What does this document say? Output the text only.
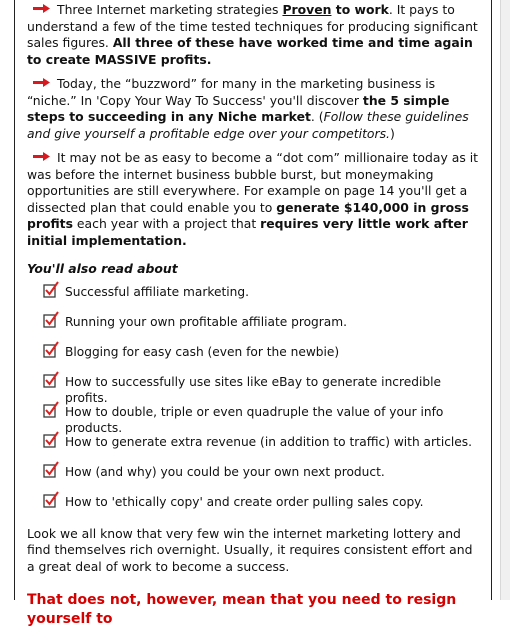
Three Internet marketing strategies Proven to work. It pays to understand a few of the time tested techniques for producing significant sales figures. All three of these have worked time and time again to create MASSIVE profits.

Today, the “buzzword” for many in the marketing business is “niche.” In 'Copy Your Way To Success' you'll discover the 5 simple steps to succeeding in any Niche market. (Follow these guidelines and give yourself a profitable edge over your competitors.)

It may not be as easy to become a “dot com” millionaire today as it was before the internet business bubble burst, but moneymaking opportunities are still everywhere. For example on page 14 you'll get a dissected plan that could enable you to generate $140,000 in gross profits each year with a project that requires very little work after initial implementation.

You'll also read about
Successful affiliate marketing.
Running your own profitable affiliate program.
Blogging for easy cash (even for the newbie)
How to successfully use sites like eBay to generate incredible profits.
How to double, triple or even quadruple the value of your info products.
How to generate extra revenue (in addition to traffic) with articles.
How (and why) you could be your own next product.
How to 'ethically copy' and create order pulling sales copy.

Look we all know that very few win the internet marketing lottery and find themselves rich overnight. Usually, it requires consistent effort and a great deal of work to become a success.

That does not, however, mean that you need to resign yourself to
